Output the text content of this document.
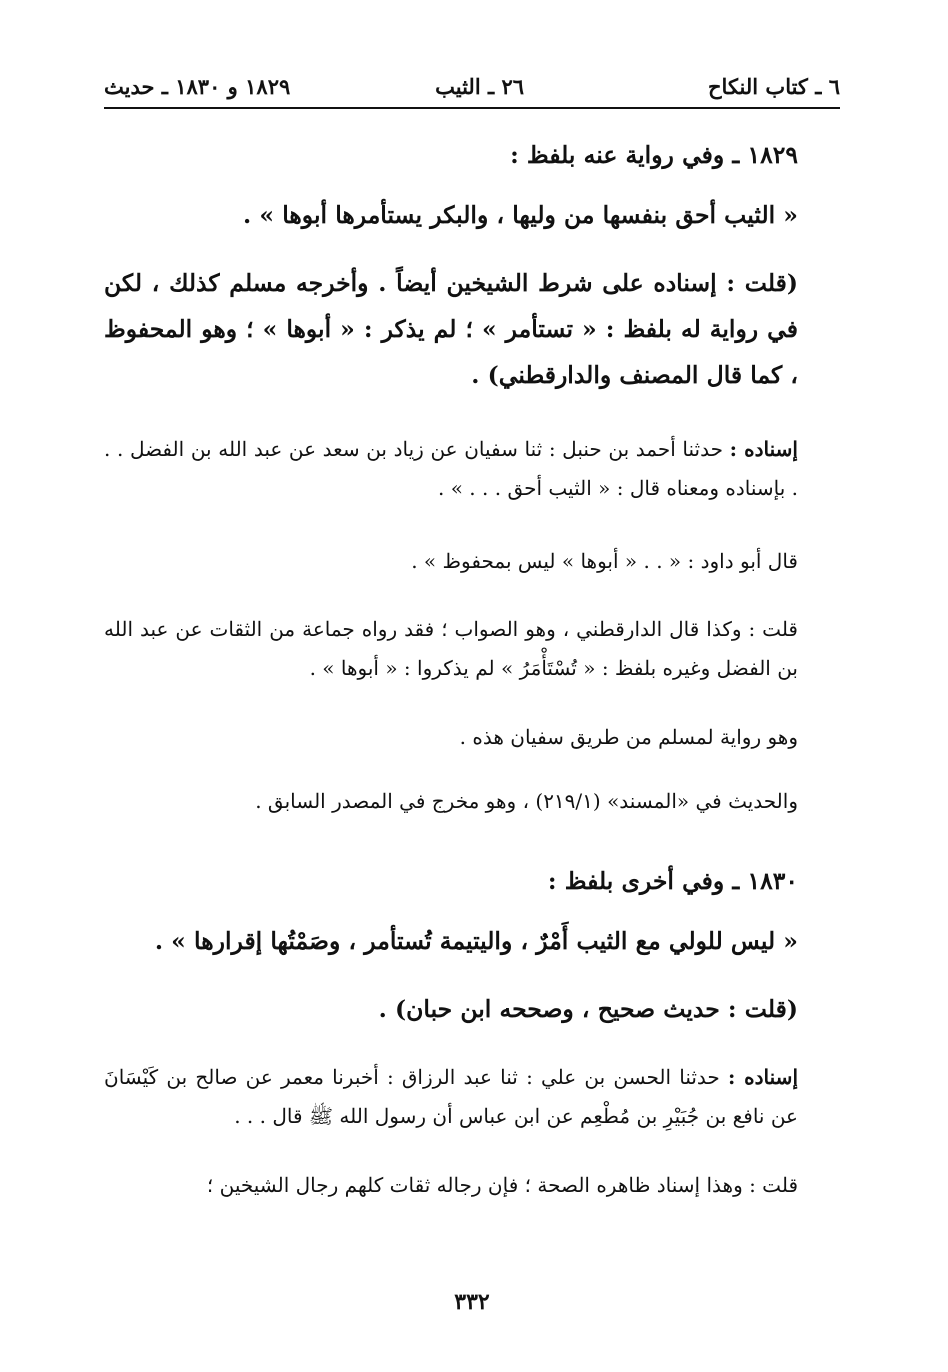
٦ ـ كتاب النكاح
٢٦ ـ الثيب
١٨٢٩ و ١٨٣٠ ـ حديث

١٨٢٩ ـ وفي رواية عنه بلفظ :

« الثيب أحق بنفسها من وليها ، والبكر يستأمرها أبوها » .

(قلت : إسناده على شرط الشيخين أيضاً . وأخرجه مسلم كذلك ، لكن في رواية له بلفظ : « تستأمر » ؛ لم يذكر : « أبوها » ؛ وهو المحفوظ ، كما قال المصنف والدارقطني) .

إسناده : حدثنا أحمد بن حنبل : ثنا سفيان عن زياد بن سعد عن عبد الله بن الفضل . . . بإسناده ومعناه قال : « الثيب أحق . . . » .

قال أبو داود : « . . « أبوها » ليس بمحفوظ » .

قلت : وكذا قال الدارقطني ، وهو الصواب ؛ فقد رواه جماعة من الثقات عن عبد الله بن الفضل وغيره بلفظ : « تُسْتَأْمَرُ » لم يذكروا : « أبوها » .

وهو رواية لمسلم من طريق سفيان هذه .

والحديث في «المسند» (٢١٩/١) ، وهو مخرج في المصدر السابق .

١٨٣٠ ـ وفي أخرى بلفظ :

« ليس للولي مع الثيب أَمْرٌ ، واليتيمة تُستأمر ، وصَمْتُها إقرارها » .

(قلت : حديث صحيح ، وصححه ابن حبان) .

إسناده : حدثنا الحسن بن علي : ثنا عبد الرزاق : أخبرنا معمر عن صالح بن كَيْسَانَ عن نافع بن جُبَيْرِ بن مُطْعِم عن ابن عباس أن رسول الله ﷺ قال . . .

قلت : وهذا إسناد ظاهره الصحة ؛ فإن رجاله ثقات كلهم رجال الشيخين ؛

٣٣٢
